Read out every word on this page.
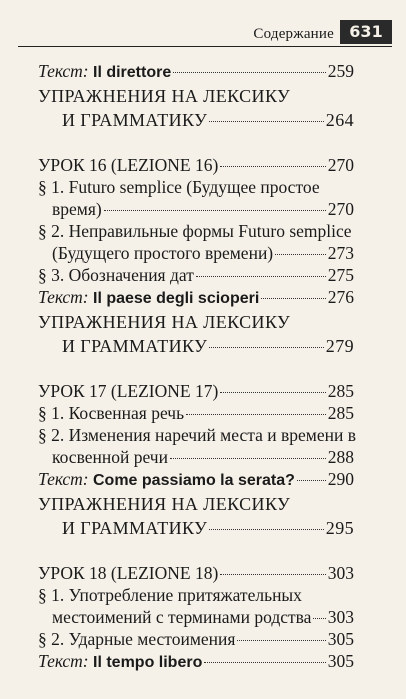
Содержание 631
Текст: Il direttore	259
УПРАЖНЕНИЯ НА ЛЕКСИКУ
И ГРАММАТИКУ	264
УРОК 16 (LEZIONE 16)	270
§ 1. Futuro semplice (Будущее простое
время)	270
§ 2. Неправильные формы Futuro semplice
(Будущего простого времени)	273
§ 3. Обозначения дат	275
Текст: Il paese degli scioperi	276
УПРАЖНЕНИЯ НА ЛЕКСИКУ
И ГРАММАТИКУ	279
УРОК 17 (LEZIONE 17)	285
§ 1. Косвенная речь	285
§ 2. Изменения наречий места и времени в
косвенной речи	288
Текст: Come passiamo la serata? 290
УПРАЖНЕНИЯ НА ЛЕКСИКУ
И ГРАММАТИКУ	295
УРОК 18 (LEZIONE 18)	303
§ 1. Употребление притяжательных
местоимений с терминами родства 303
§ 2. Ударные местоимения	305
Текст: Il tempo libero	305
